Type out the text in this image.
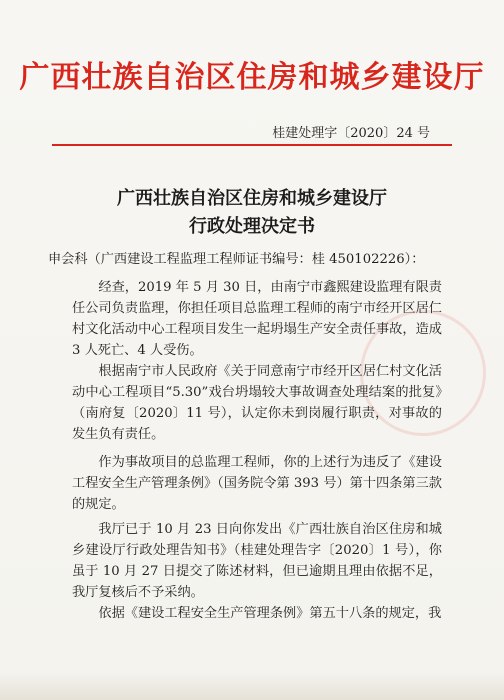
广西壮族自治区住房和城乡建设厅
桂建处理字〔2020〕24 号
广西壮族自治区住房和城乡建设厅
行政处理决定书

申会科（广西建设工程监理工程师证书编号：桂 450102226）：

经查，2019 年 5 月 30 日，由南宁市鑫熙建设监理有限责任公司负责监理，你担任项目总监理工程师的南宁市经开区居仁村文化活动中心工程项目发生一起坍塌生产安全责任事故，造成 3 人死亡、4 人受伤。

根据南宁市人民政府《关于同意南宁市经开区居仁村文化活动中心工程项目“5.30”戏台坍塌较大事故调查处理结案的批复》（南府复〔2020〕11 号），认定你未到岗履行职责，对事故的发生负有责任。

作为事故项目的总监理工程师，你的上述行为违反了《建设工程安全生产管理条例》（国务院令第 393 号）第十四条第三款的规定。

我厅已于 10 月 23 日向你发出《广西壮族自治区住房和城乡建设厅行政处理告知书》（桂建处理告字〔2020〕1 号），你虽于 10 月 27 日提交了陈述材料，但已逾期且理由依据不足，我厅复核后不予采纳。

依据《建设工程安全生产管理条例》第五十八条的规定，我
